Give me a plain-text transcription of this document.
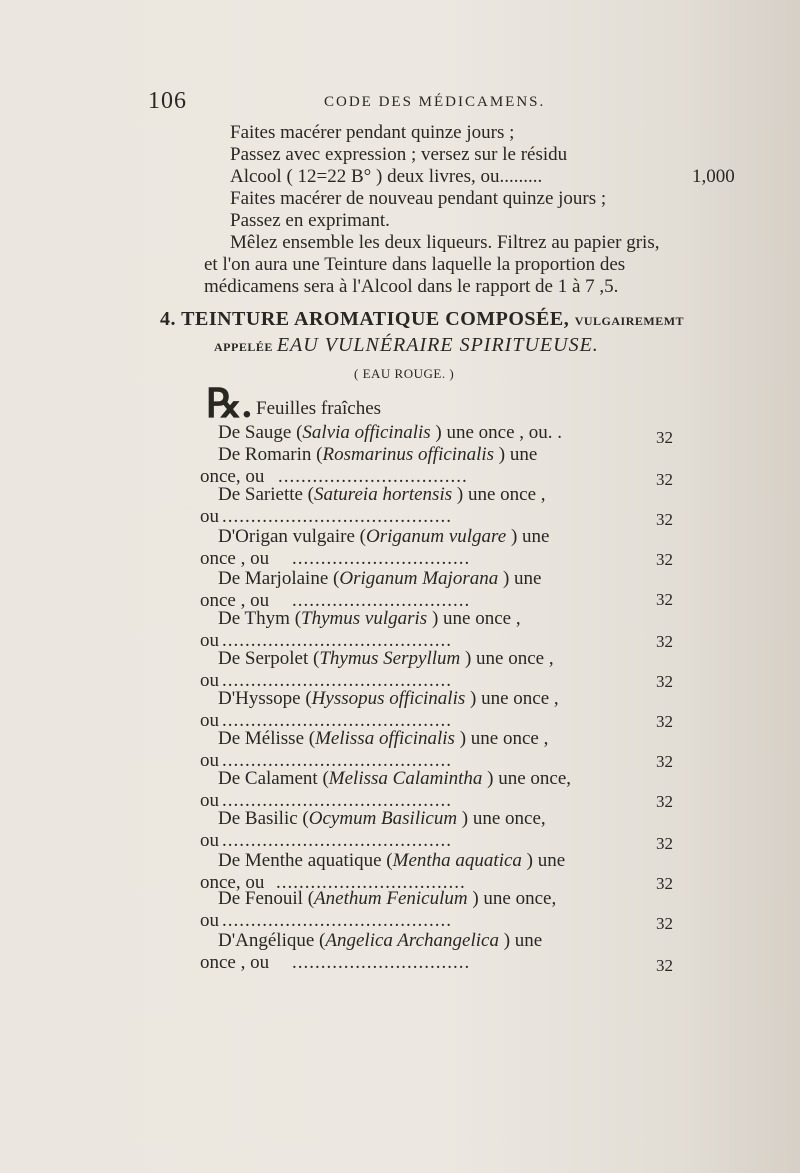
106	CODE DES MÉDICAMENS.
Faites macérer pendant quinze jours ;
Passez avec expression ; versez sur le résidu
Alcool ( 12=22 B° ) deux livres, ou.........	1,000
Faites macérer de nouveau pendant quinze jours ;
Passez en exprimant.
Mêlez ensemble les deux liqueurs. Filtrez au papier gris,
et l'on aura une Teinture dans laquelle la proportion des
médicamens sera à l'Alcool dans le rapport de 1 à 7 ,5.
4. TEINTURE AROMATIQUE COMPOSÉE, VULGAIREMEMT
APPELÉE EAU VULNÉRAIRE SPIRITUEUSE.
( EAU ROUGE. )
℞. Feuilles fraîches
De Sauge (Salvia officinalis ) une once , ou. .	32
De Romarin (Rosmarinus officinalis ) une
once, ou .................................	32
De Sariette (Satureia hortensis ) une once ,
ou ........................................	32
D'Origan vulgaire (Origanum vulgare ) une
once , ou ...............................	32
De Marjolaine (Origanum Majorana ) une
once , ou ...............................	32
De Thym (Thymus vulgaris ) une once ,
ou ........................................	32
De Serpolet (Thymus Serpyllum ) une once ,
ou ........................................	32
D'Hyssope (Hyssopus officinalis ) une once ,
ou ........................................	32
De Mélisse (Melissa officinalis ) une once ,
ou ........................................	32
De Calament (Melissa Calamintha ) une once,
ou ........................................	32
De Basilic (Ocymum Basilicum ) une once,
ou ........................................	32
De Menthe aquatique (Mentha aquatica ) une
once, ou .................................	32
De Fenouil (Anethum Feniculum ) une once,
ou ........................................	32
D'Angélique (Angelica Archangelica ) une
once , ou ...............................	32
